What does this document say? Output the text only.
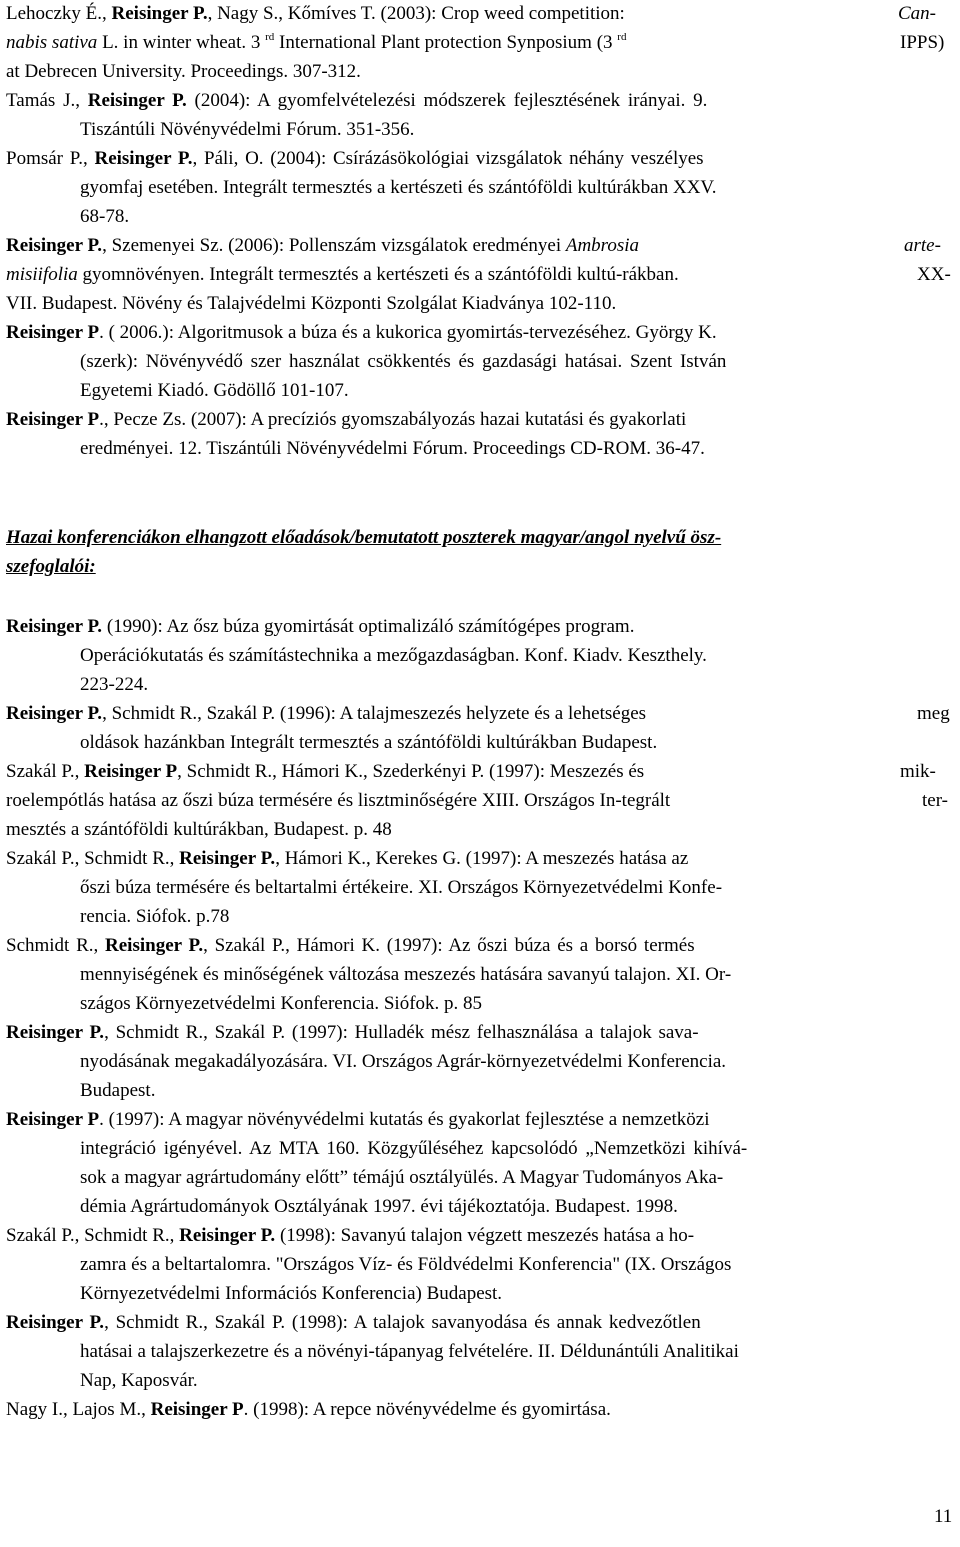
Lehoczky É., Reisinger P., Nagy S., Kőmíves T. (2003): Crop weed competition:	Can-
nabis sativa L. in winter wheat. 3 $^{rd}$ International Plant protection Synposium (3 $^{rd}$	IPPS)
at Debrecen University. Proceedings. 307-312.
Tamás J., Reisinger P. (2004): A gyomfelvételezési módszerek fejlesztésének irányai. 9.
Tiszántúli Növényvédelmi Fórum. 351-356.
Pomsár P., Reisinger P., Páli, O. (2004): Csírázásökológiai vizsgálatok néhány veszélyes
gyomfaj esetében. Integrált termesztés a kertészeti és szántóföldi kultúrákban XXV.
68-78.
Reisinger P., Szemenyei Sz. (2006): Pollenszám vizsgálatok eredményei Ambrosia	arte-
misiifolia gyomnövényen. Integrált termesztés a kertészeti és a szántóföldi kultú-rákban.	XX-
VII. Budapest. Növény és Talajvédelmi Központi Szolgálat Kiadványa 102-110.
Reisinger P. ( 2006.): Algoritmusok a búza és a kukorica gyomirtás-tervezéséhez. György K.
(szerk): Növényvédő szer használat csökkentés és gazdasági hatásai. Szent István
Egyetemi Kiadó. Gödöllő 101-107.
Reisinger P., Pecze Zs. (2007): A precíziós gyomszabályozás hazai kutatási és gyakorlati
eredményei. 12. Tiszántúli Növényvédelmi Fórum. Proceedings CD-ROM. 36-47.
Hazai konferenciákon elhangzott előadások/bemutatott poszterek magyar/angol nyelvű ösz-
szefoglalói:
Reisinger P. (1990): Az ősz búza gyomirtását optimalizáló számítógépes program.
Operációkutatás és számítástechnika a mezőgazdaságban. Konf. Kiadv. Keszthely.
223-224.
Reisinger P., Schmidt R., Szakál P. (1996): A talajmeszezés helyzete és a lehetséges	meg
oldások hazánkban Integrált termesztés a szántóföldi kultúrákban Budapest.
Szakál P., Reisinger P, Schmidt R., Hámori K., Szederkényi P. (1997): Meszezés és	mik-
roelempótlás hatása az őszi búza termésére és lisztminőségére XIII. Országos In-tegrált	ter-
mesztés a szántóföldi kultúrákban, Budapest. p. 48
Szakál P., Schmidt R., Reisinger P., Hámori K., Kerekes G. (1997): A meszezés hatása az
őszi búza termésére és beltartalmi értékeire. XI. Országos Környezetvédelmi Konfe-
rencia. Siófok. p.78
Schmidt R., Reisinger P., Szakál P., Hámori K. (1997): Az őszi búza és a borsó termés
mennyiségének és minőségének változása meszezés hatására savanyú talajon. XI. Or-
szágos Környezetvédelmi Konferencia. Siófok. p. 85
Reisinger P., Schmidt R., Szakál P. (1997): Hulladék mész felhasználása a talajok sava-
nyodásának megakadályozására. VI. Országos Agrár-környezetvédelmi Konferencia.
Budapest.
Reisinger P. (1997): A magyar növényvédelmi kutatás és gyakorlat fejlesztése a nemzetközi
integráció igényével. Az MTA 160. Közgyűléséhez kapcsolódó „Nemzetközi kihívá-
sok a magyar agrártudomány előtt” témájú osztályülés. A Magyar Tudományos Aka-
démia Agrártudományok Osztályának 1997. évi tájékoztatója. Budapest. 1998.
Szakál P., Schmidt R., Reisinger P. (1998): Savanyú talajon végzett meszezés hatása a ho-
zamra és a beltartalomra. "Országos Víz- és Földvédelmi Konferencia" (IX. Országos
Környezetvédelmi Információs Konferencia) Budapest.
Reisinger P., Schmidt R., Szakál P. (1998): A talajok savanyodása és annak kedvezőtlen
hatásai a talajszerkezetre és a növényi-tápanyag felvételére. II. Déldunántúli Analitikai
Nap, Kaposvár.
Nagy I., Lajos M., Reisinger P. (1998): A repce növényvédelme és gyomirtása.
11
